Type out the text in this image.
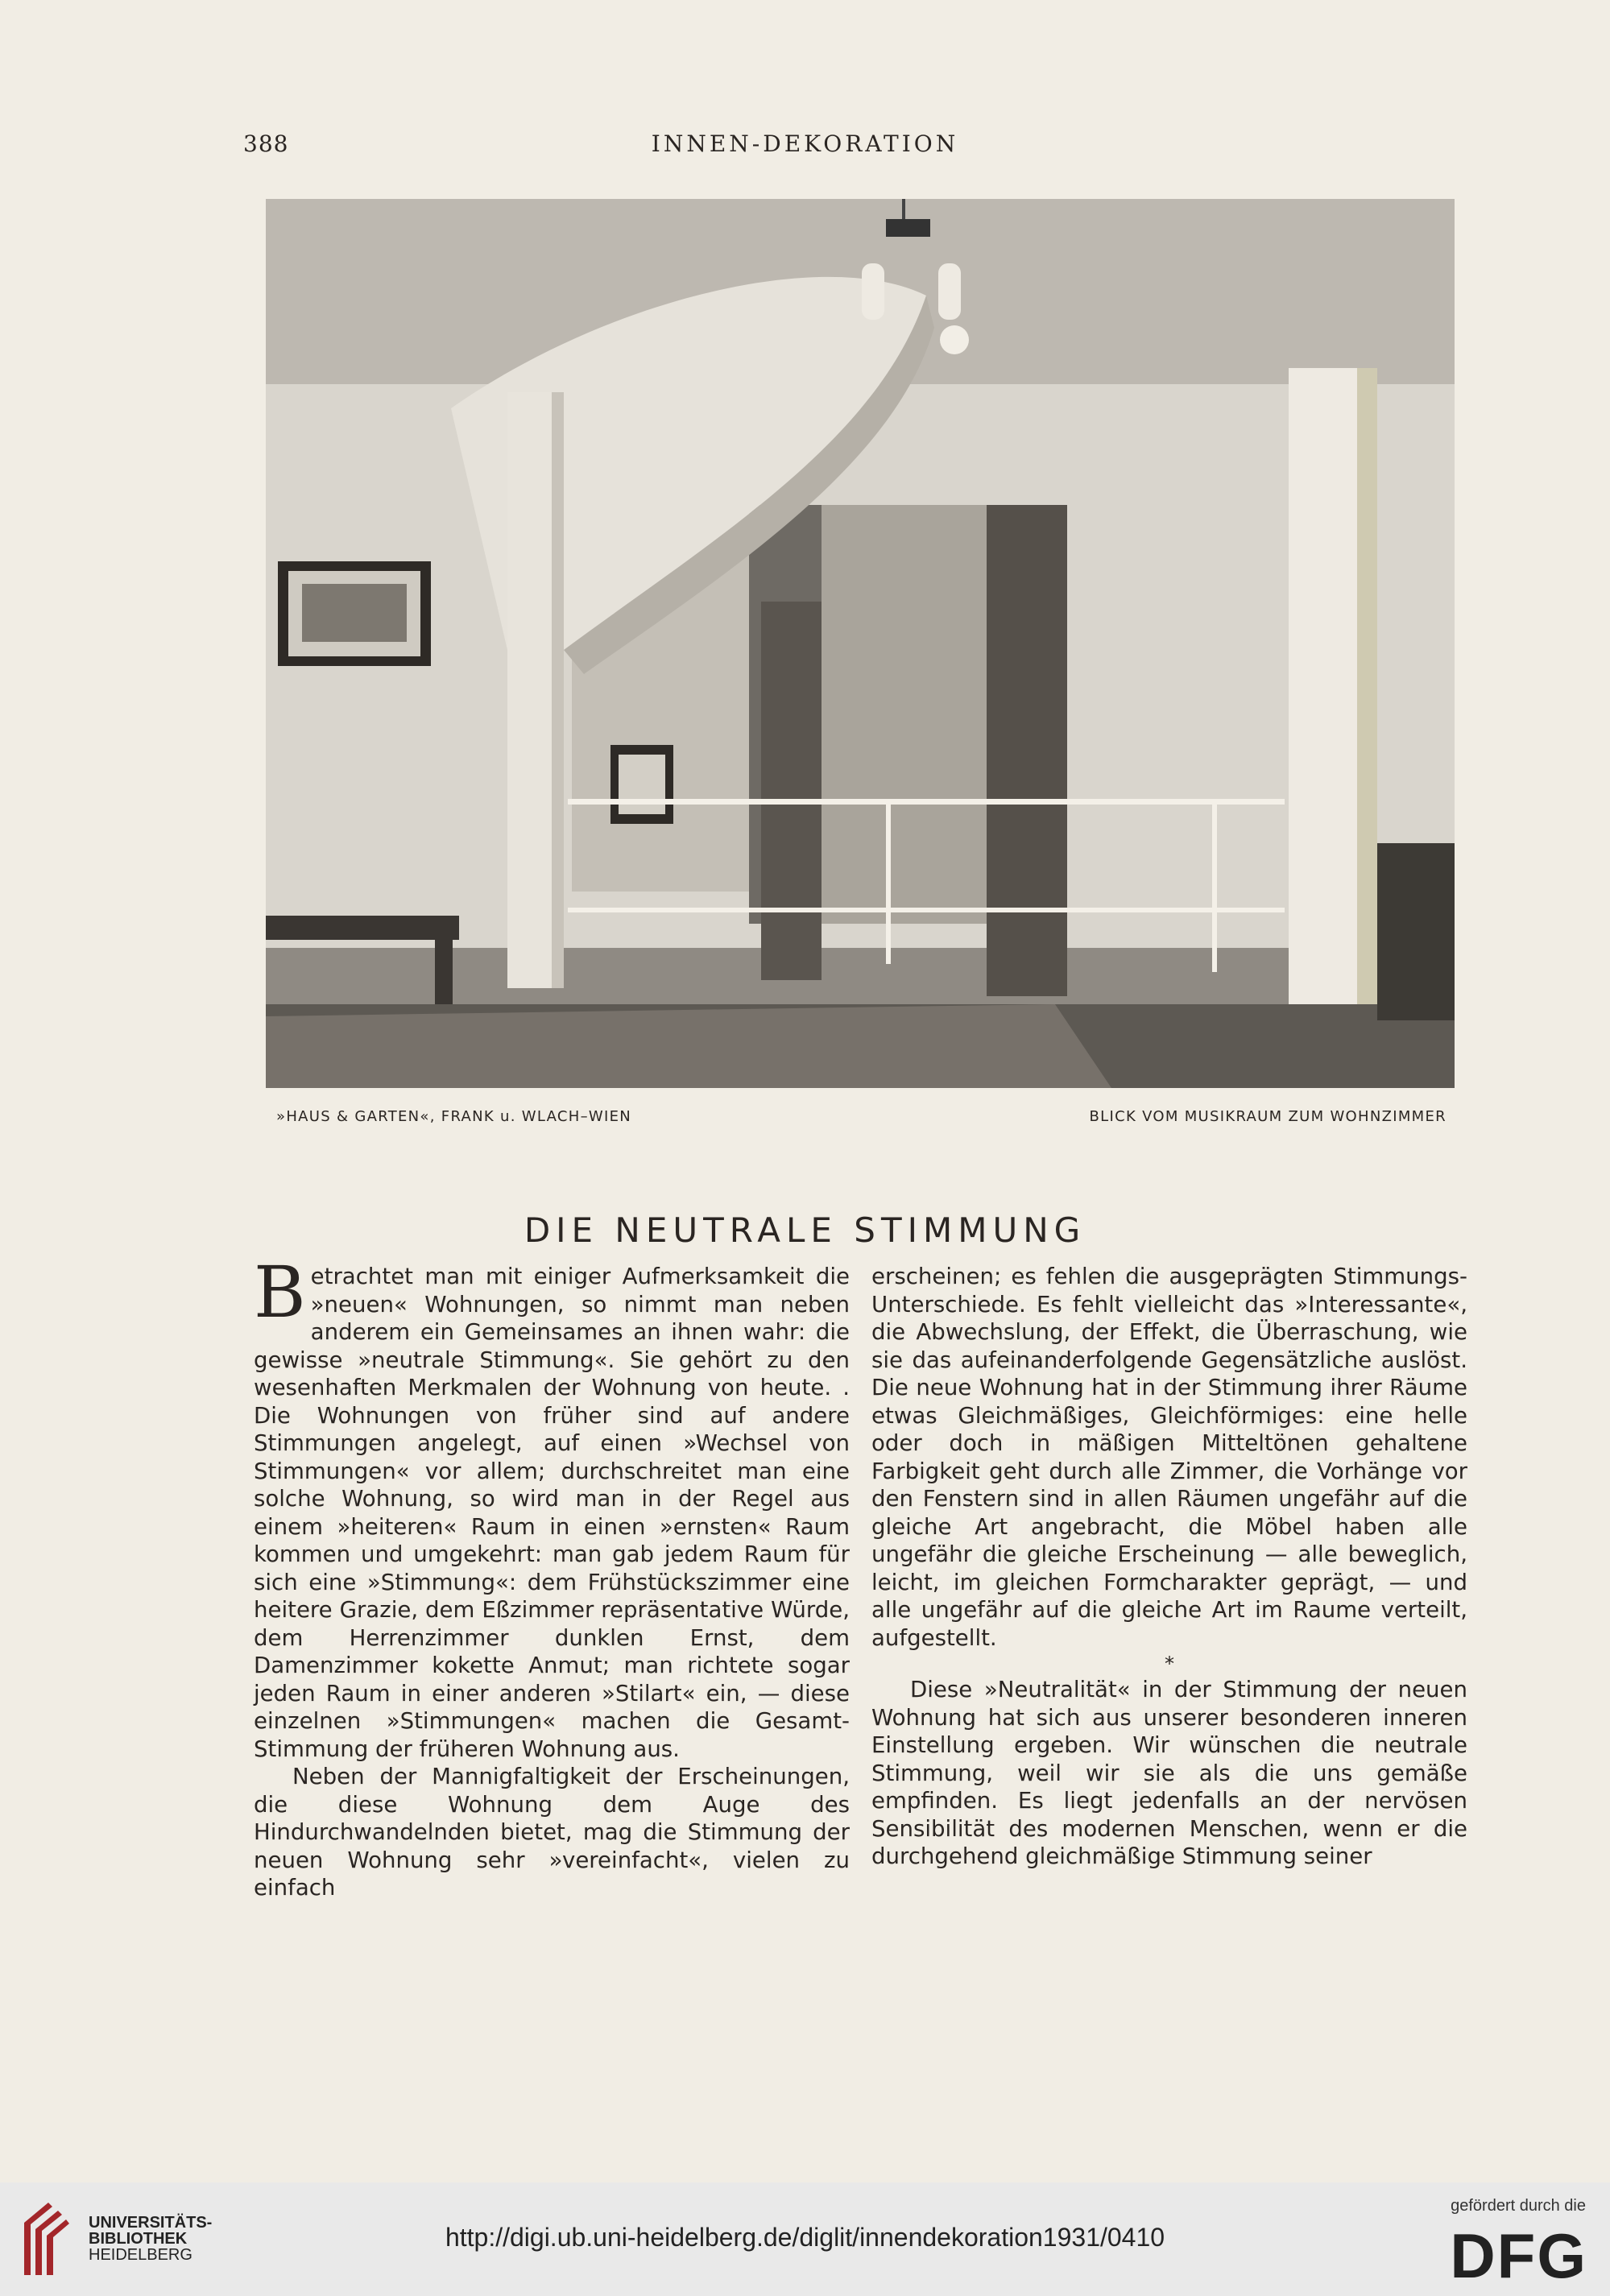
388	INNEN-DEKORATION
»HAUS & GARTEN«, FRANK u. WLACH–WIEN	BLICK VOM MUSIKRAUM ZUM WOHNZIMMER
DIE NEUTRALE STIMMUNG

Betrachtet man mit einiger Aufmerksamkeit die »neuen« Wohnungen, so nimmt man neben anderem ein Gemeinsames an ihnen wahr: die gewisse »neutrale Stimmung«. Sie gehört zu den wesenhaften Merkmalen der Wohnung von heute. . Die Wohnungen von früher sind auf andere Stimmungen angelegt, auf einen »Wechsel von Stimmungen« vor allem; durchschreitet man eine solche Wohnung, so wird man in der Regel aus einem »heiteren« Raum in einen »ernsten« Raum kommen und umgekehrt: man gab jedem Raum für sich eine »Stimmung«: dem Frühstückszimmer eine heitere Grazie, dem Eßzimmer repräsentative Würde, dem Herrenzimmer dunklen Ernst, dem Damenzimmer kokette Anmut; man richtete sogar jeden Raum in einer anderen »Stilart« ein, — diese einzelnen »Stimmungen« machen die Gesamt-Stimmung der früheren Wohnung aus.

Neben der Mannigfaltigkeit der Erscheinungen, die diese Wohnung dem Auge des Hindurchwandelnden bietet, mag die Stimmung der neuen Wohnung sehr »vereinfacht«, vielen zu einfach

erscheinen; es fehlen die ausgeprägten Stimmungs-Unterschiede. Es fehlt vielleicht das »Interessante«, die Abwechslung, der Effekt, die Überraschung, wie sie das aufeinanderfolgende Gegensätzliche auslöst. Die neue Wohnung hat in der Stimmung ihrer Räume etwas Gleichmäßiges, Gleichförmiges: eine helle oder doch in mäßigen Mitteltönen gehaltene Farbigkeit geht durch alle Zimmer, die Vorhänge vor den Fenstern sind in allen Räumen ungefähr auf die gleiche Art angebracht, die Möbel haben alle ungefähr die gleiche Erscheinung — alle beweglich, leicht, im gleichen Formcharakter geprägt, — und alle ungefähr auf die gleiche Art im Raume verteilt, aufgestellt.

*

Diese »Neutralität« in der Stimmung der neuen Wohnung hat sich aus unserer besonderen inneren Einstellung ergeben. Wir wünschen die neutrale Stimmung, weil wir sie als die uns gemäße empfinden. Es liegt jedenfalls an der nervösen Sensibilität des modernen Menschen, wenn er die durchgehend gleichmäßige Stimmung seiner

UNIVERSITÄTS-
BIBLIOTHEK
HEIDELBERG
http://digi.ub.uni-heidelberg.de/diglit/innendekoration1931/0410
gefördert durch die
DFG
